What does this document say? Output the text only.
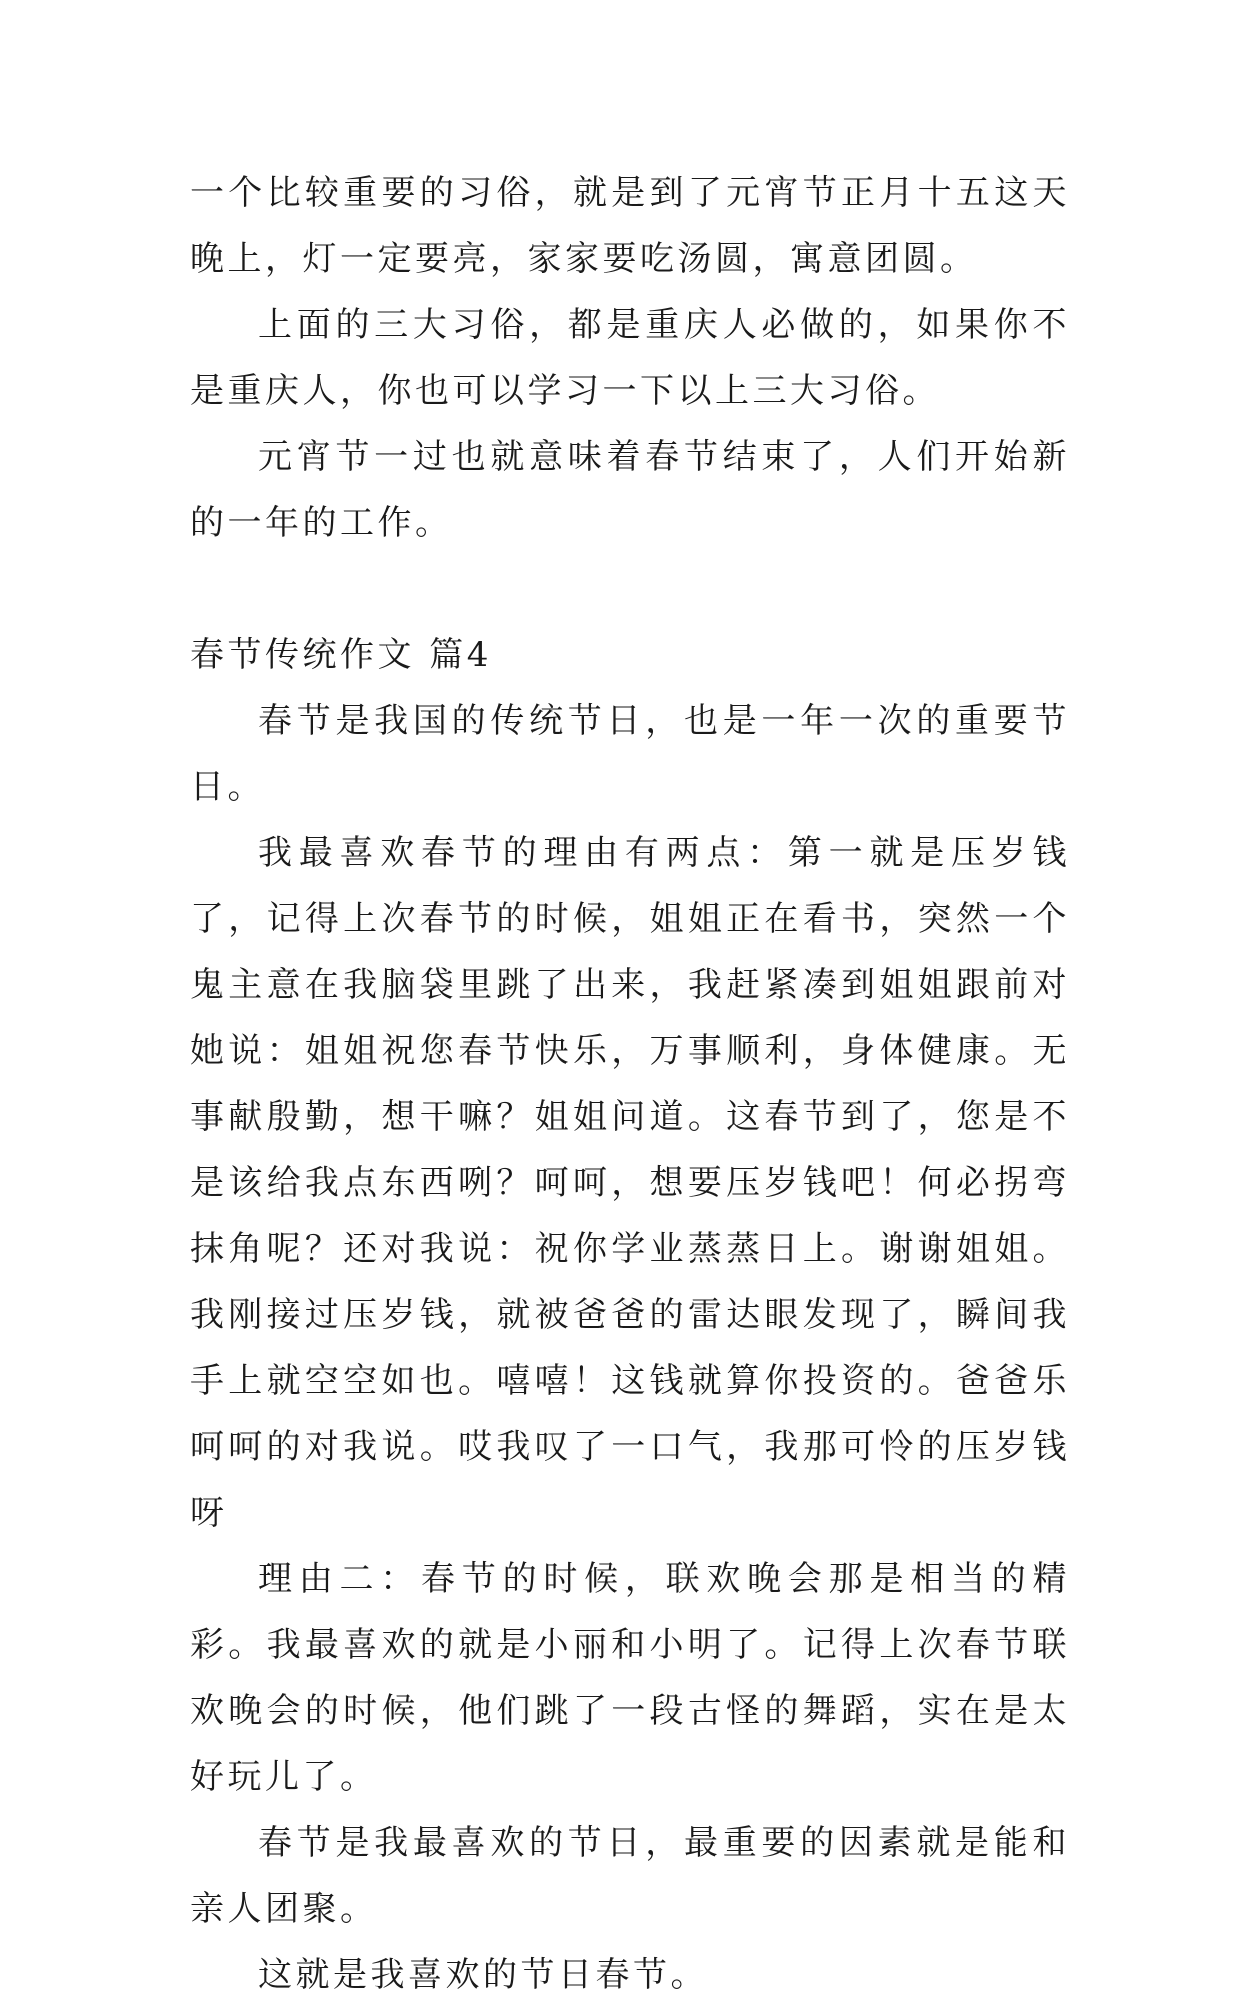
一个比较重要的习俗，就是到了元宵节正月十五这天晚上，灯一定要亮，家家要吃汤圆，寓意团圆。

上面的三大习俗，都是重庆人必做的，如果你不是重庆人，你也可以学习一下以上三大习俗。

元宵节一过也就意味着春节结束了，人们开始新的一年的工作。

春节传统作文 篇4

春节是我国的传统节日，也是一年一次的重要节日。

我最喜欢春节的理由有两点：第一就是压岁钱了，记得上次春节的时候，姐姐正在看书，突然一个鬼主意在我脑袋里跳了出来，我赶紧凑到姐姐跟前对她说：姐姐祝您春节快乐，万事顺利，身体健康。无事献殷勤，想干嘛？姐姐问道。这春节到了，您是不是该给我点东西咧？呵呵，想要压岁钱吧！何必拐弯抹角呢？还对我说：祝你学业蒸蒸日上。谢谢姐姐。我刚接过压岁钱，就被爸爸的雷达眼发现了，瞬间我手上就空空如也。嘻嘻！这钱就算你投资的。爸爸乐呵呵的对我说。哎我叹了一口气，我那可怜的压岁钱呀

理由二：春节的时候，联欢晚会那是相当的精彩。我最喜欢的就是小丽和小明了。记得上次春节联欢晚会的时候，他们跳了一段古怪的舞蹈，实在是太好玩儿了。

春节是我最喜欢的节日，最重要的因素就是能和亲人团聚。

这就是我喜欢的节日春节。
